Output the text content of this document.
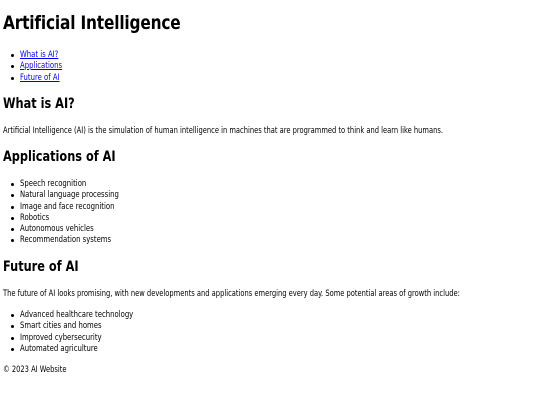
Artificial Intelligence
What is AI?
Applications
Future of AI
What is AI?

Artificial Intelligence (AI) is the simulation of human intelligence in machines that are programmed to think and learn like humans.

Applications of AI
Speech recognition
Natural language processing
Image and face recognition
Robotics
Autonomous vehicles
Recommendation systems
Future of AI

The future of AI looks promising, with new developments and applications emerging every day. Some potential areas of growth include:

Advanced healthcare technology
Smart cities and homes
Improved cybersecurity
Automated agriculture

© 2023 AI Website
